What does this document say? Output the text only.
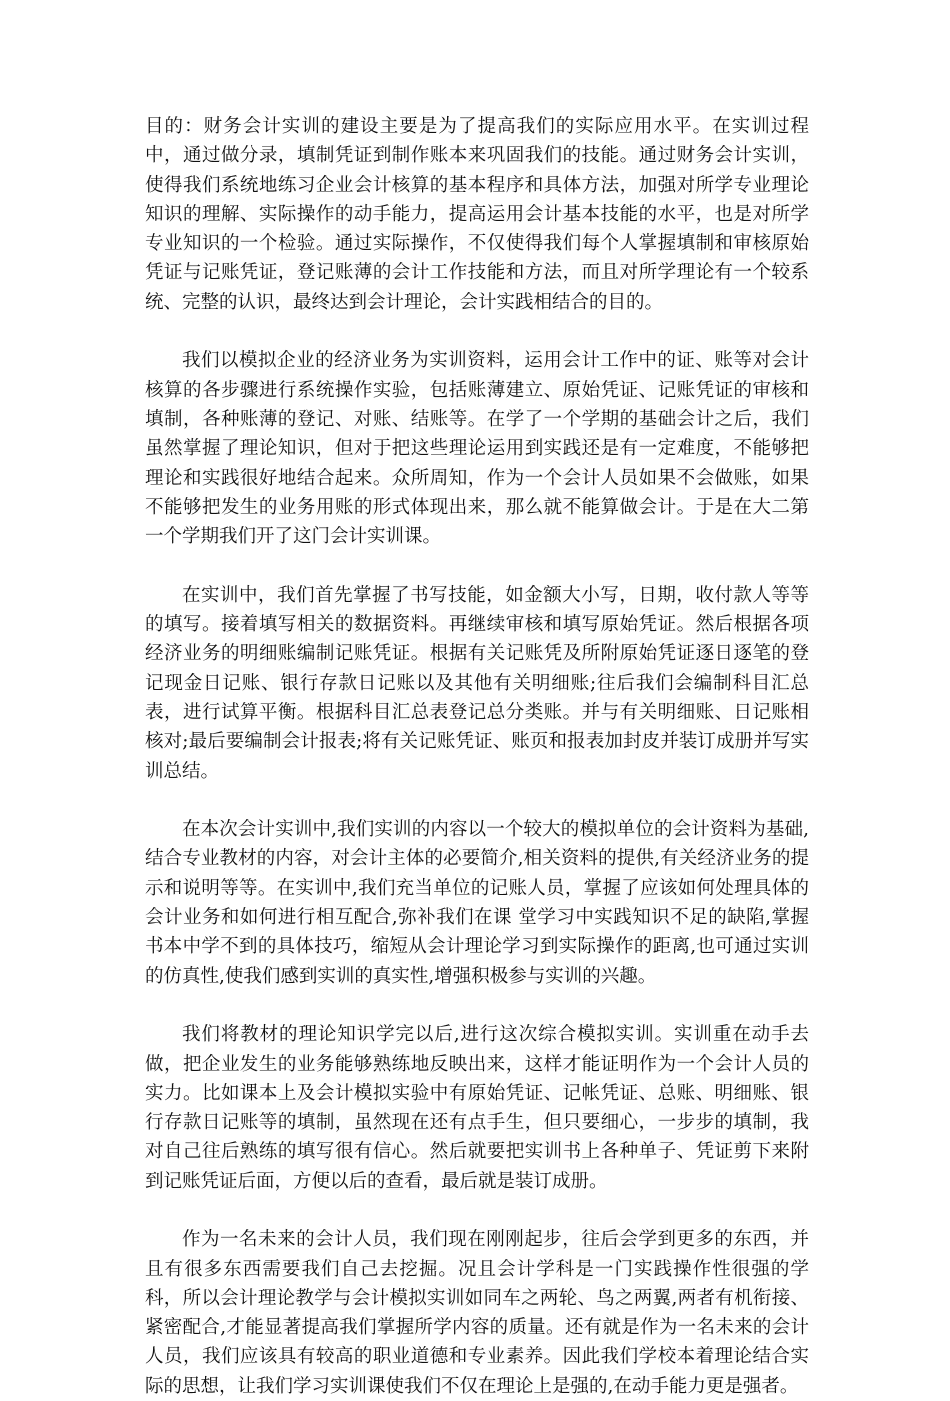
目的：财务会计实训的建设主要是为了提高我们的实际应用水平。在实训过程中，通过做分录，填制凭证到制作账本来巩固我们的技能。通过财务会计实训，使得我们系统地练习企业会计核算的基本程序和具体方法，加强对所学专业理论知识的理解、实际操作的动手能力，提高运用会计基本技能的水平，也是对所学专业知识的一个检验。通过实际操作，不仅使得我们每个人掌握填制和审核原始凭证与记账凭证，登记账薄的会计工作技能和方法，而且对所学理论有一个较系统、完整的认识，最终达到会计理论，会计实践相结合的目的。

我们以模拟企业的经济业务为实训资料，运用会计工作中的证、账等对会计核算的各步骤进行系统操作实验，包括账薄建立、原始凭证、记账凭证的审核和填制，各种账薄的登记、对账、结账等。在学了一个学期的基础会计之后，我们虽然掌握了理论知识，但对于把这些理论运用到实践还是有一定难度，不能够把理论和实践很好地结合起来。众所周知，作为一个会计人员如果不会做账，如果不能够把发生的业务用账的形式体现出来，那么就不能算做会计。于是在大二第一个学期我们开了这门会计实训课。

在实训中，我们首先掌握了书写技能，如金额大小写，日期，收付款人等等的填写。接着填写相关的数据资料。再继续审核和填写原始凭证。然后根据各项经济业务的明细账编制记账凭证。根据有关记账凭及所附原始凭证逐日逐笔的登记现金日记账、银行存款日记账以及其他有关明细账;往后我们会编制科目汇总表，进行试算平衡。根据科目汇总表登记总分类账。并与有关明细账、日记账相核对;最后要编制会计报表;将有关记账凭证、账页和报表加封皮并装订成册并写实训总结。

在本次会计实训中,我们实训的内容以一个较大的模拟单位的会计资料为基础,结合专业教材的内容，对会计主体的必要简介,相关资料的提供,有关经济业务的提示和说明等等。在实训中,我们充当单位的记账人员，掌握了应该如何处理具体的会计业务和如何进行相互配合,弥补我们在课 堂学习中实践知识不足的缺陷,掌握书本中学不到的具体技巧，缩短从会计理论学习到实际操作的距离,也可通过实训的仿真性,使我们感到实训的真实性,增强积极参与实训的兴趣。

我们将教材的理论知识学完以后,进行这次综合模拟实训。实训重在动手去做，把企业发生的业务能够熟练地反映出来，这样才能证明作为一个会计人员的实力。比如课本上及会计模拟实验中有原始凭证、记帐凭证、总账、明细账、银行存款日记账等的填制，虽然现在还有点手生，但只要细心，一步步的填制，我对自己往后熟练的填写很有信心。然后就要把实训书上各种单子、凭证剪下来附到记账凭证后面，方便以后的查看，最后就是装订成册。

作为一名未来的会计人员，我们现在刚刚起步，往后会学到更多的东西，并且有很多东西需要我们自己去挖掘。况且会计学科是一门实践操作性很强的学科，所以会计理论教学与会计模拟实训如同车之两轮、鸟之两翼,两者有机衔接、紧密配合,才能显著提高我们掌握所学内容的质量。还有就是作为一名未来的会计人员，我们应该具有较高的职业道德和专业素养。因此我们学校本着理论结合实际的思想，让我们学习实训课使我们不仅在理论上是强的,在动手能力更是强者。
